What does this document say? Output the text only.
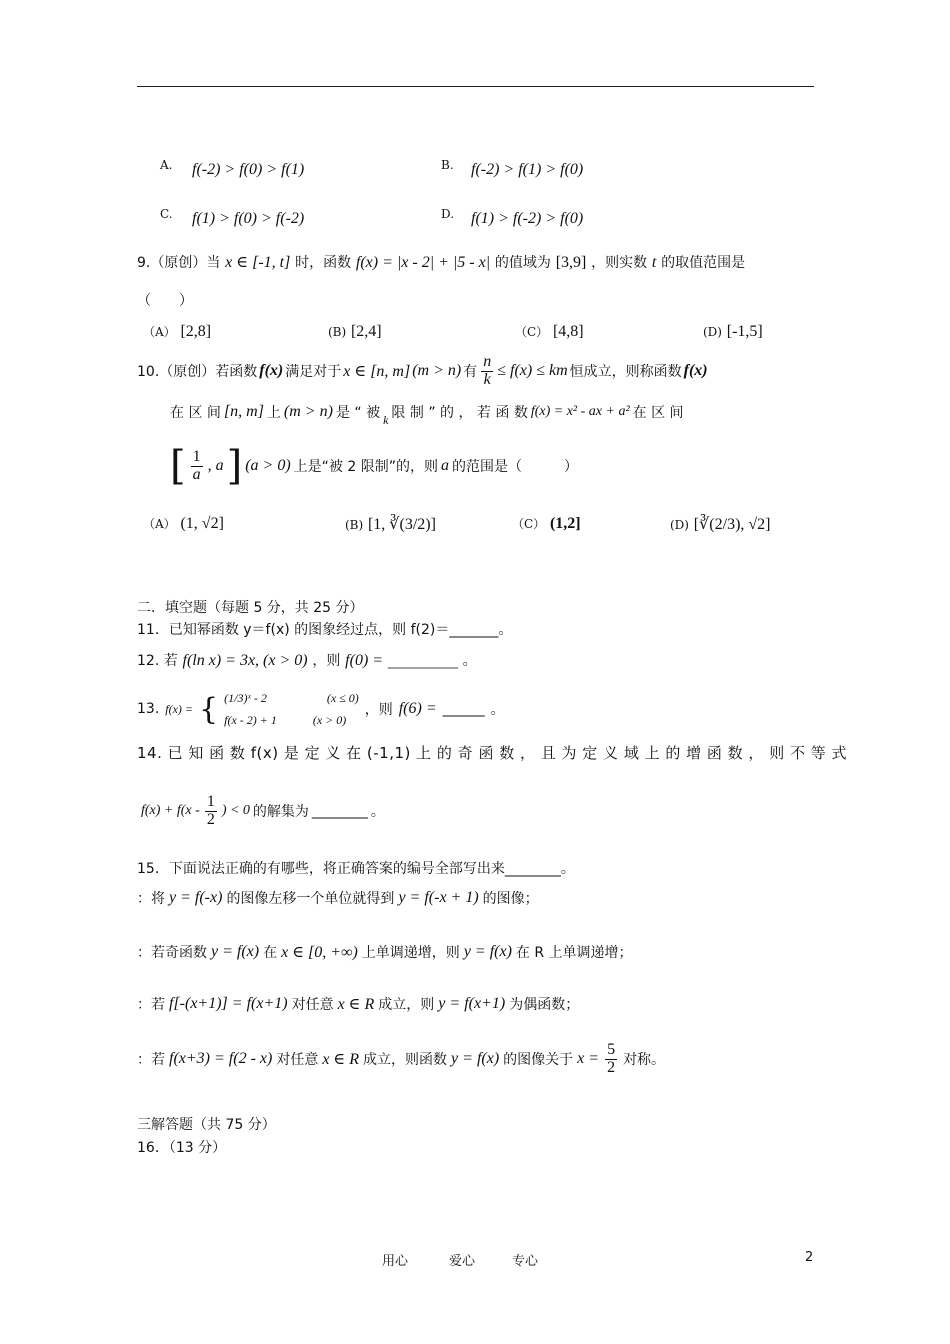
A. f(-2) > f(0) > f(1)	B. f(-2) > f(1) > f(0)
C. f(1) > f(0) > f(-2)	D. f(1) > f(-2) > f(0)
9.（原创）当 x ∈ [-1, t] 时，函数 f(x) = |x - 2| + |5 - x| 的值域为 [3,9] ，则实数 t 的取值范围是
（　　）
（A） [2,8]	(B) [2,4]	（C） [4,8]	(D) [-1,5]
10.（原创）若函数 f(x) 满足对于 x ∈ [n, m] (m > n) 有 $\frac{n}{k} \le f(x)$ ≤ km 恒成立，则称函数 f(x)
在 区 间 [n, m] 上 (m > n) 是 “ 被 k 限 制 ” 的 ， 若 函 数 f(x) = x² - ax + a² 在 区 间
[ $\frac{1}{a}$ , a ] (a > 0) 上是“被 2 限制”的，则 a 的范围是（　　　）
（A） (1, √2]	(B) [1, ∛(3/2)]	（C） (1,2]	(D) [∛(2/3), √2]
二．填空题（每题 5 分，共 25 分）
11．已知幂函数 y＝f(x) 的图象经过点，则 f(2)＝_______。
12. 若 f(ln x) = 3x, (x > 0) ，则 f(0) = __________ 。
13. f(x) = { (1/3)ˣ - 2	(x ≤ 0)
f(x - 2) + 1	(x > 0)
，则 f(6) = ______ 。
14. 已 知 函 数 f(x) 是 定 义 在 (-1,1) 上 的 奇 函 数 ， 且 为 定 义 域 上 的 增 函 数 ， 则 不 等 式
$f(x) + f(x - \frac{1}{2}$ ) < 0 的解集为 ________ 。
15．下面说法正确的有哪些，将正确答案的编号全部写出来________。
：将 y = f(-x) 的图像左移一个单位就得到 y = f(-x + 1) 的图像；
：若奇函数 y = f(x) 在 x ∈ [0, +∞) 上单调递增，则 y = f(x) 在 R 上单调递增；
：若 f[-(x+1)] = f(x+1) 对任意 x ∈ R 成立，则 y = f(x+1) 为偶函数；
：若 f(x+3) = f(2 - x) 对任意 x ∈ R 成立，则函数 y = f(x) 的图像关于 $x = \frac{5}{2}$ 对称。
三解答题（共 75 分）
16．（13 分）
用心	爱心	专心	2
